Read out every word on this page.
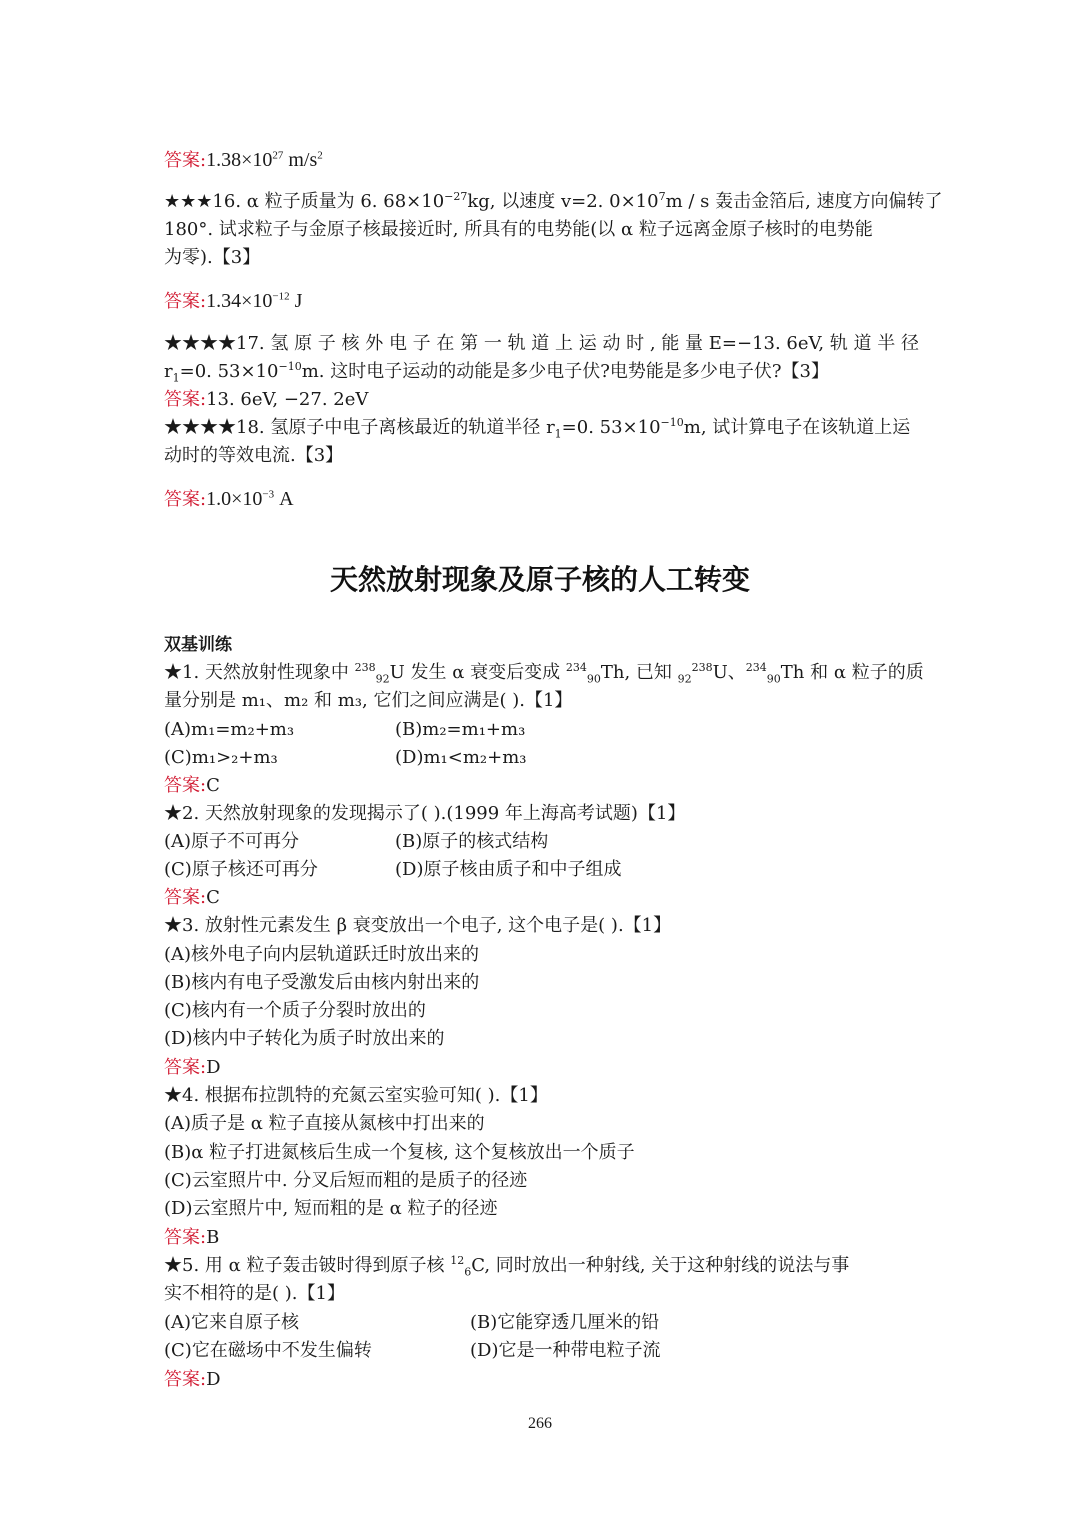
答案$:1.38\times 10^{27}$ $m/s^2$
★★★16. α 粒子质量为 6. $68\times 10^{-27}kg$, 以速度 v=2. $0\times 10^7m / s$ 轰击金箔后, 速度方向偏转了
180°. 试求粒子与金原子核最接近时, 所具有的电势能(以 α 粒子远离金原子核时的电势能
为零).【3】
答案$:1.34\times 10^{-12}$ J
★★★★17. 氢 原 子 核 外 电 子 在 第 一 轨 道 上 运 动 时 , 能 量 E=−13. 6eV, 轨 道 半 径
$r_1=0$. $53\times 10^{-10}m$. 这时电子运动的动能是多少电子伏?电势能是多少电子伏?【3】
答案:13. 6eV, −27. 2eV
★★★★18. 氢原子中电子离核最近的轨道半径 $r_1=0$. $53\times 10^{-10}m$, 试计算电子在该轨道上运
动时的等效电流.【3】
答案$:1.0\times 10^{-3}$ A
天然放射现象及原子核的人工转变
双基训练
★1. 天然放射性现象中 $^{238}_{92}$U 发生 α 衰变后变成 $^{234}_{90}$Th, 已知 $_{92}^{238}$U、$^{234}_{90}$Th 和 α 粒子的质
量分别是 m₁、m₂ 和 m₃, 它们之间应满是( ).【1】
(A)m₁=m₂+m₃	(B)m₂=m₁+m₃
(C)m₁>₂+m₃	(D)m₁<m₂+m₃
答案:C
★2. 天然放射现象的发现揭示了( ).(1999 年上海高考试题)【1】
(A)原子不可再分	(B)原子的核式结构
(C)原子核还可再分	(D)原子核由质子和中子组成
答案:C
★3. 放射性元素发生 β 衰变放出一个电子, 这个电子是( ).【1】
(A)核外电子向内层轨道跃迁时放出来的
(B)核内有电子受激发后由核内射出来的
(C)核内有一个质子分裂时放出的
(D)核内中子转化为质子时放出来的
答案:D
★4. 根据布拉凯特的充氮云室实验可知( ).【1】
(A)质子是 α 粒子直接从氮核中打出来的
(B)α 粒子打进氮核后生成一个复核, 这个复核放出一个质子
(C)云室照片中. 分叉后短而粗的是质子的径迹
(D)云室照片中, 短而粗的是 α 粒子的径迹
答案:B
★5. 用 α 粒子轰击铍时得到原子核 $^{12}_6$C, 同时放出一种射线, 关于这种射线的说法与事
实不相符的是( ).【1】
(A)它来自原子核	(B)它能穿透几厘米的铅
(C)它在磁场中不发生偏转	(D)它是一种带电粒子流
答案:D
266
